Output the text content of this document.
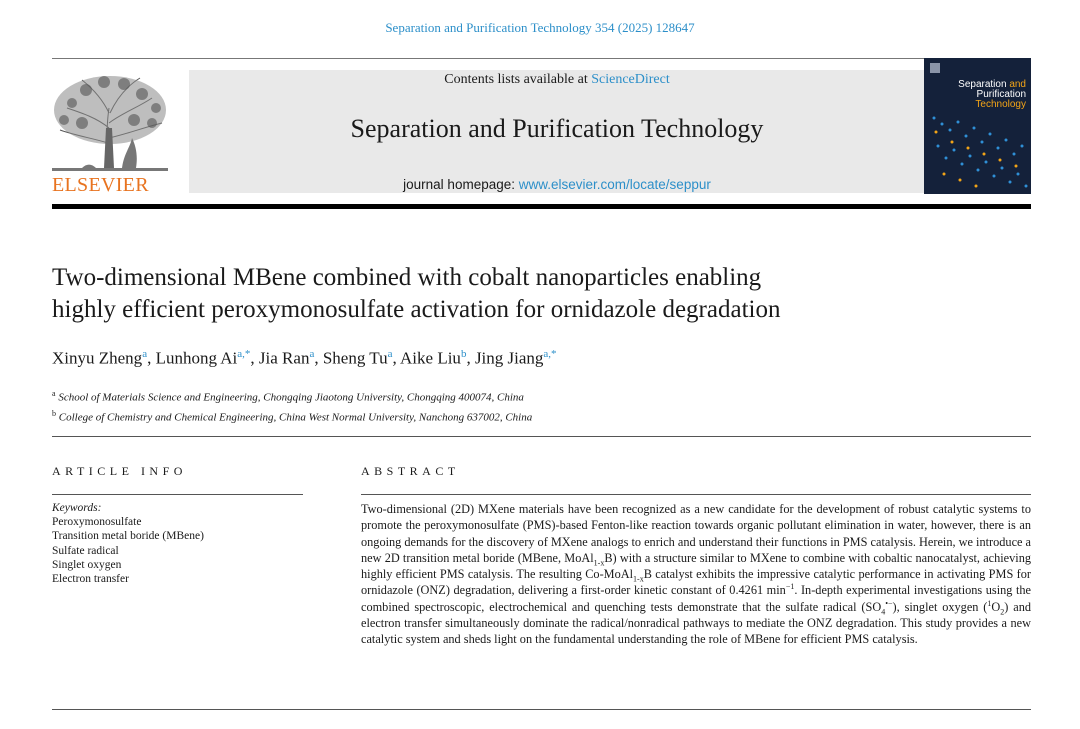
Separation and Purification Technology 354 (2025) 128647
ELSEVIER
Contents lists available at ScienceDirect
Separation and Purification Technology
journal homepage: www.elsevier.com/locate/seppur
Separation and
Purification
Technology
Two-dimensional MBene combined with cobalt nanoparticles enabling
highly efficient peroxymonosulfate activation for ornidazole degradation
Xinyu Zheng$^a$, Lunhong $Ai^{a,*}$, Jia Ran$^a$, Sheng Tu$^a$, Aike Liu$^b$, Jing Jiang$^{a,*}$
$^a$ School of Materials Science and Engineering, Chongqing Jiaotong University, Chongqing 400074, China
$^b$ College of Chemistry and Chemical Engineering, China West Normal University, Nanchong 637002, China
ARTICLE INFO	ABSTRACT
Keywords:
Peroxymonosulfate
Transition metal boride (MBene)
Sulfate radical
Singlet oxygen
Electron transfer
Two-dimensional (2D) MXene materials have been recognized as a new candidate for the development of robust catalytic systems to promote the peroxymonosulfate (PMS)-based Fenton-like reaction towards organic pollutant elimination in water, however, there is an ongoing demands for the discovery of MXene analogs to enrich and understand their functions in PMS catalysis. Herein, we introduce a new 2D transition metal boride (MBene, MoAl$_{1-x}$B) with a structure similar to MXene to combine with cobaltic nanocatalyst, achieving highly efficient PMS catalysis. The resulting Co-MoAl$_{1-x}$B catalyst exhibits the impressive catalytic performance in activating PMS for ornidazole (ONZ) degradation, delivering a first-order kinetic constant of 0.4261 $\min^{-1}$. In-depth experimental investigations using the combined spectroscopic, electrochemical and quenching tests demonstrate that the sulfate radical $(SO_4^{•-})$, singlet oxygen $(^1O_2)$ and electron transfer simultaneously dominate the radical/nonradical pathways to mediate the ONZ degradation. This study provides a new catalytic system and sheds light on the fundamental understanding the role of MBene for efficient PMS catalysis.
